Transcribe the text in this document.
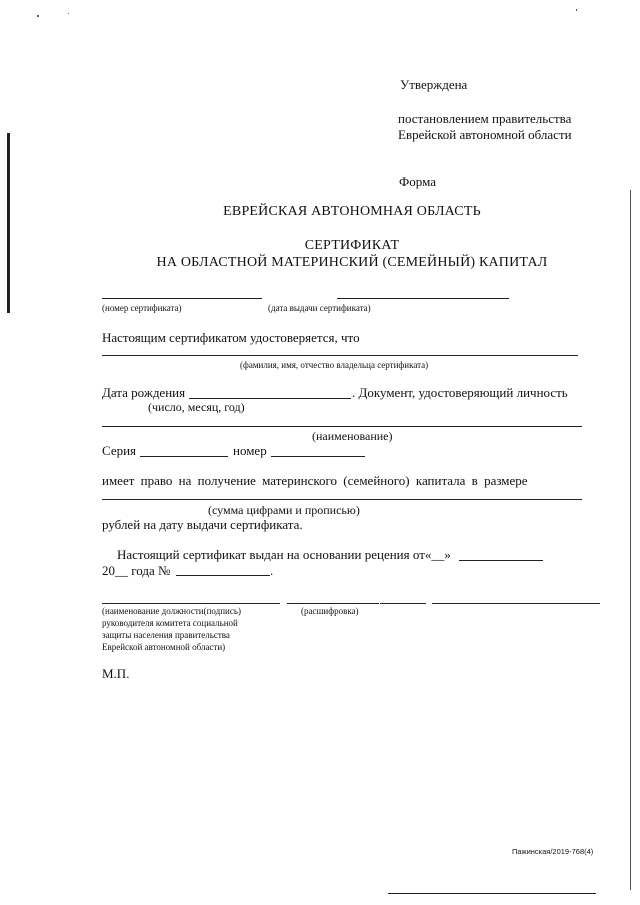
Утверждена
постановлением правительства
Еврейской автономной области
Форма
ЕВРЕЙСКАЯ АВТОНОМНАЯ ОБЛАСТЬ
СЕРТИФИКАТ
НА ОБЛАСТНОЙ МАТЕРИНСКИЙ (СЕМЕЙНЫЙ) КАПИТАЛ
(номер сертификата)	(дата выдачи сертификата)
Настоящим сертификатом удостоверяется, что
(фамилия, имя, отчество владельца сертификата)
Дата рождения	. Документ, удостоверяющий личность
(число, месяц, год)
(наименование)
Серия	номер
имеет право на получение материнского (семейного) капитала в размере
(сумма цифрами и прописью)
рублей на дату выдачи сертификата.
Настоящий сертификат выдан на основании рецения от«__»
20__ года №	.
(наименование должности(подпись)	(расшифровка)
руководителя комитета социальной
защиты населения правительства
Еврейской автономной области)
М.П.
Пажинская/2019-768(4)
